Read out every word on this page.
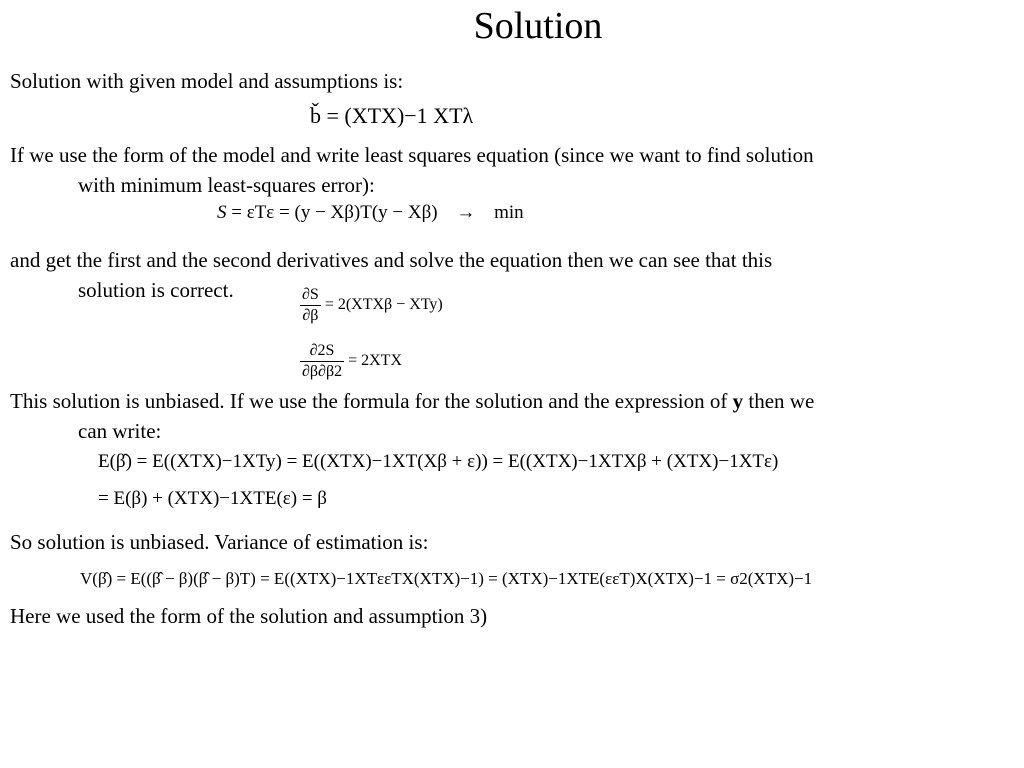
Solution
Solution with given model and assumptions is:
b̌ = (XTX)−1 XTλ
If we use the form of the model and write least squares equation (since we want to find solution
with minimum least-squares error):
S = εTε = (y − Xβ)T(y − Xβ) → min
and get the first and the second derivatives and solve the equation then we can see that this
solution is correct.	$\frac{\partial S}{\partial\beta} = 2(XTX\beta - XTy)$
$\frac{\partial 2S}{\partial\beta\partial\beta 2} = 2XTX$
This solution is unbiased. If we use the formula for the solution and the expression of y then we
can write:
E(β̂) = E((XTX)−1XTy) = E((XTX)−1XT(Xβ + ε)) = E((XTX)−1XTXβ + (XTX)−1XTε)
= E(β) + (XTX)−1XTE(ε) = β
So solution is unbiased. Variance of estimation is:
V(β̂) = E((β̂ − β)(β̂ − β)T) = E((XTX)−1XTεεTX(XTX)−1) = (XTX)−1XTE(εεT)X(XTX)−1 = σ2(XTX)−1
Here we used the form of the solution and assumption 3)
